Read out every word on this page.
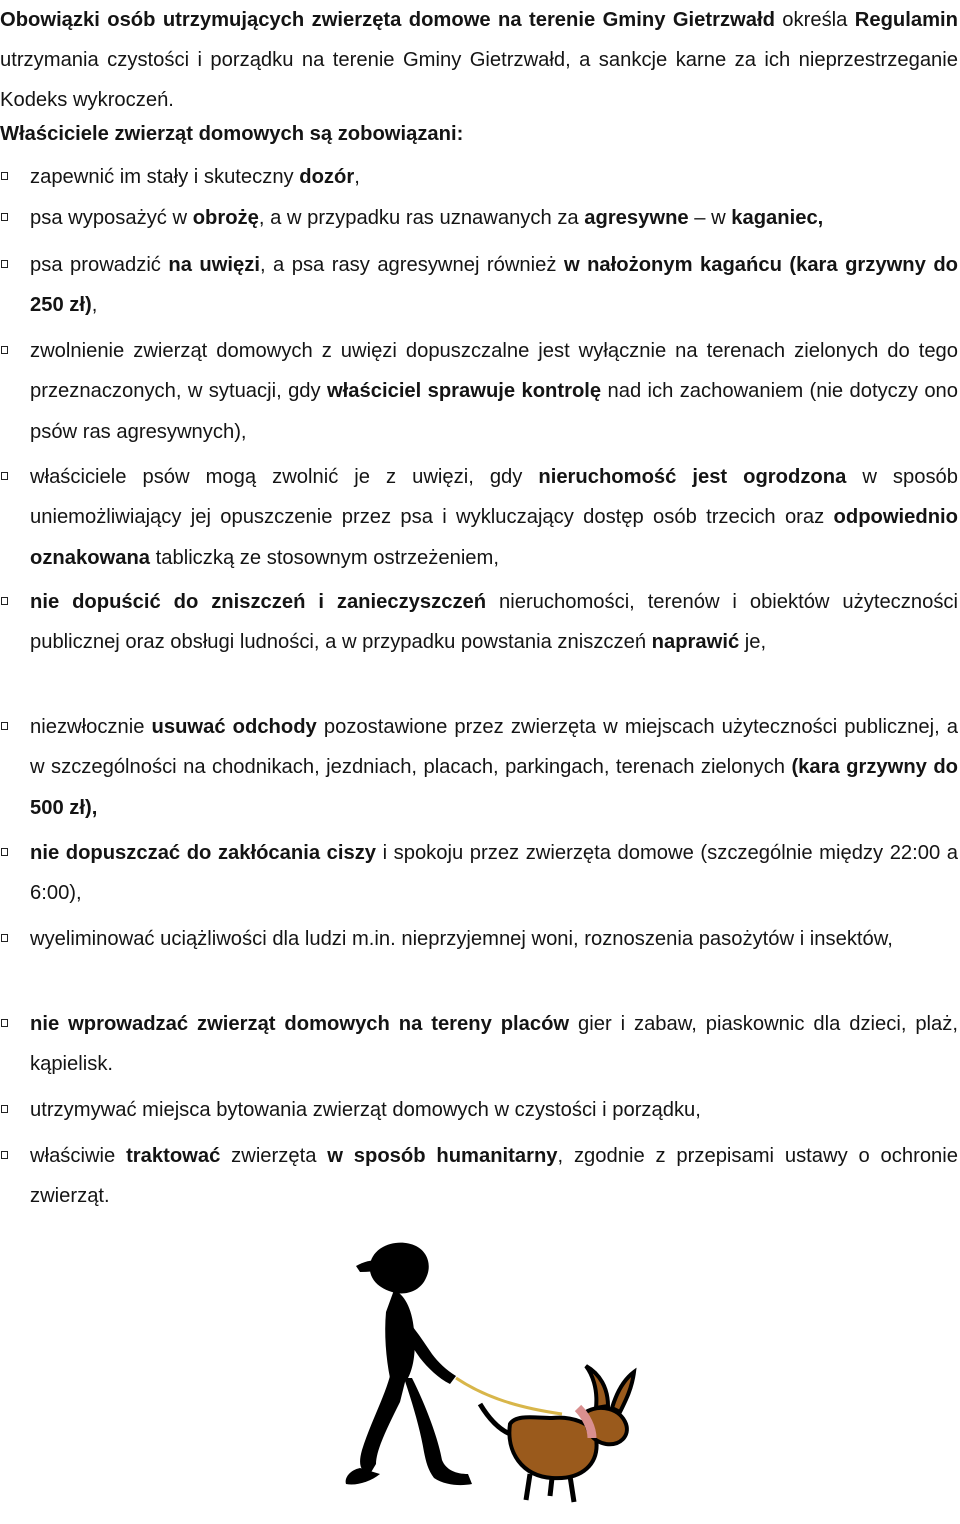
Obowiązki osób utrzymujących zwierzęta domowe na terenie Gminy Gietrzwałd określa Regulamin utrzymania czystości i porządku na terenie Gminy Gietrzwałd, a sankcje karne za ich nieprzestrzeganie Kodeks wykroczeń.

Właściciele zwierząt domowych są zobowiązani:
zapewnić im stały i skuteczny dozór,
psa wyposażyć w obrożę, a w przypadku ras uznawanych za agresywne – w kaganiec,
psa prowadzić na uwięzi, a psa rasy agresywnej również w nałożonym kagańcu (kara grzywny do 250 zł),
zwolnienie zwierząt domowych z uwięzi dopuszczalne jest wyłącznie na terenach zielonych do tego przeznaczonych, w sytuacji, gdy właściciel sprawuje kontrolę nad ich zachowaniem (nie dotyczy ono psów ras agresywnych),
właściciele psów mogą zwolnić je z uwięzi, gdy nieruchomość jest ogrodzona w sposób uniemożliwiający jej opuszczenie przez psa i wykluczający dostęp osób trzecich oraz odpowiednio oznakowana tabliczką ze stosownym ostrzeżeniem,
nie dopuścić do zniszczeń i zanieczyszczeń nieruchomości, terenów i obiektów użyteczności publicznej oraz obsługi ludności, a w przypadku powstania zniszczeń naprawić je,
niezwłocznie usuwać odchody pozostawione przez zwierzęta w miejscach użyteczności publicznej, a w szczególności na chodnikach, jezdniach, placach, parkingach, terenach zielonych (kara grzywny do 500 zł),
nie dopuszczać do zakłócania ciszy i spokoju przez zwierzęta domowe (szczególnie między 22:00 a 6:00),
wyeliminować uciążliwości dla ludzi m.in. nieprzyjemnej woni, roznoszenia pasożytów i insektów,
nie wprowadzać zwierząt domowych na tereny placów gier i zabaw, piaskownic dla dzieci, plaż, kąpielisk.
utrzymywać miejsca bytowania zwierząt domowych w czystości i porządku,
właściwie traktować zwierzęta w sposób humanitarny, zgodnie z przepisami ustawy o ochronie zwierząt.
